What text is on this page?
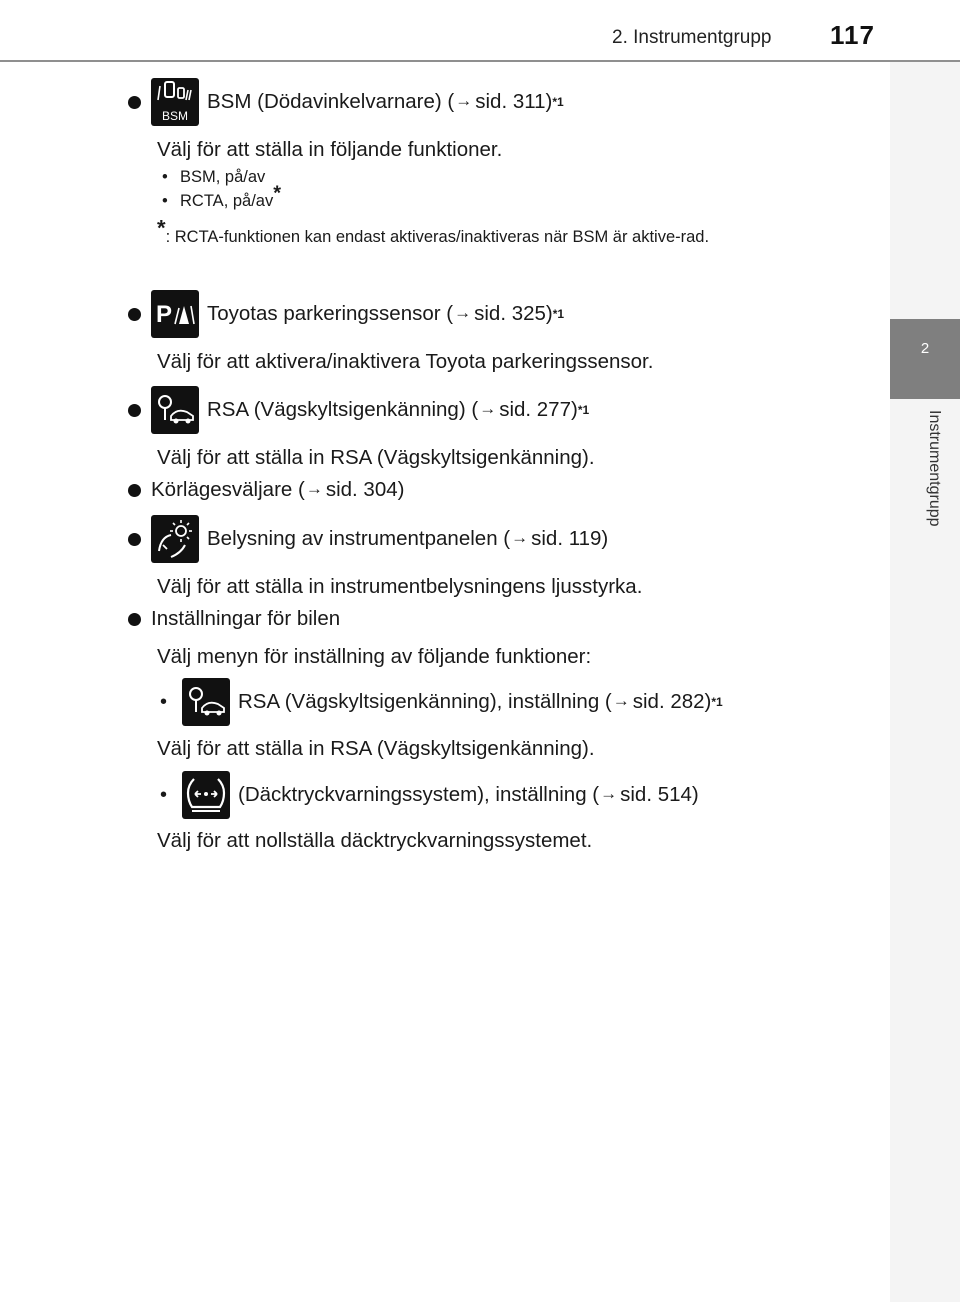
2. Instrumentgrupp 117
2
Instrumentgrupp
BSM
BSM (Dödavinkelvarnare) ( → sid. 311) *1
Välj för att ställa in följande funktioner.
• BSM, på/av
• RCTA, på/av*
*: RCTA-funktionen kan endast aktiveras/inaktiveras när BSM är aktive-rad.
P Toyotas parkeringssensor ( → sid. 325) *1
Välj för att aktivera/inaktivera Toyota parkeringssensor.
RSA (Vägskyltsigenkänning) ( → sid. 277) *1
Välj för att ställa in RSA (Vägskyltsigenkänning).
Körlägesväljare ( → sid. 304)
Belysning av instrumentpanelen ( → sid. 119)
Välj för att ställa in instrumentbelysningens ljusstyrka.
Inställningar för bilen
Välj menyn för inställning av följande funktioner:
•	RSA (Vägskyltsigenkänning), inställning ( → sid. 282) *1
Välj för att ställa in RSA (Vägskyltsigenkänning).
•	(Däcktryckvarningssystem), inställning ( → sid. 514)
Välj för att nollställa däcktryckvarningssystemet.
